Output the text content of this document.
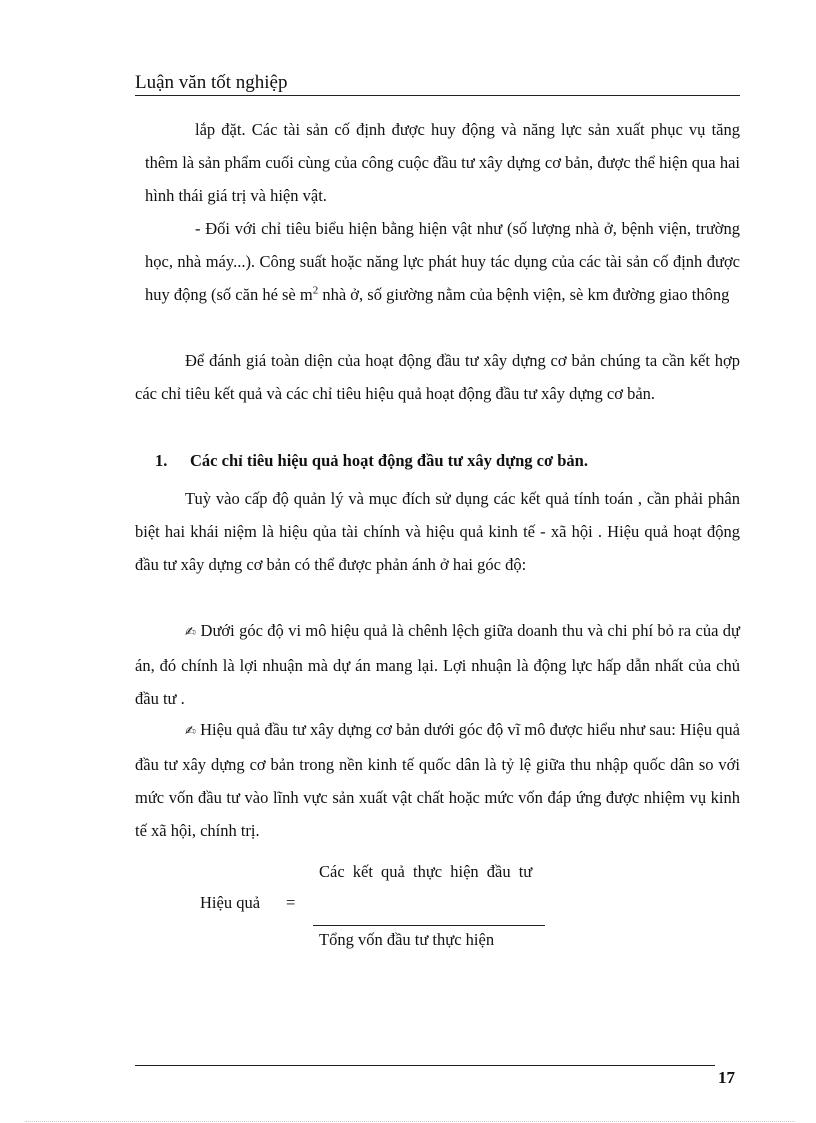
Luận văn tốt nghiệp

lắp đặt. Các tài sản cố định được huy động và năng lực sản xuất phục vụ tăng thêm là sản phẩm cuối cùng của công cuộc đầu tư xây dựng cơ bản, được thể hiện qua hai hình thái giá trị và hiện vật.

- Đối với chỉ tiêu biểu hiện bằng hiện vật như (số lượng nhà ở, bệnh viện, trường học, nhà máy...). Công suất hoặc năng lực phát huy tác dụng của các tài sản cố định được huy động (số căn hé sè $m^2$ nhà ở, số giường nằm của bệnh viện, sè km đường giao thông

Để đánh giá toàn diện của hoạt động đầu tư xây dựng cơ bản chúng ta cần kết hợp các chỉ tiêu kết quả và các chỉ tiêu hiệu quả hoạt động đầu tư xây dựng cơ bản.

1. Các chỉ tiêu hiệu quả hoạt động đầu tư xây dựng cơ bản.

Tuỳ vào cấp độ quản lý và mục đích sử dụng các kết quả tính toán , cần phải phân biệt hai khái niệm là hiệu qủa tài chính và hiệu quả kinh tế - xã hội . Hiệu quả hoạt động đầu tư xây dựng cơ bản có thể được phản ánh ở hai góc độ:

✍ Dưới góc độ vi mô hiệu quả là chênh lệch giữa doanh thu và chi phí bỏ ra của dự án, đó chính là lợi nhuận mà dự án mang lại. Lợi nhuận là động lực hấp dẫn nhất của chủ đầu tư .

✍ Hiệu quả đầu tư xây dựng cơ bản dưới góc độ vĩ mô được hiểu như sau: Hiệu quả đầu tư xây dựng cơ bản trong nền kinh tế quốc dân là tỷ lệ giữa thu nhập quốc dân so với mức vốn đầu tư vào lĩnh vực sản xuất vật chất hoặc mức vốn đáp ứng được nhiệm vụ kinh tế xã hội, chính trị.

Hiệu quả =
Các kết quả thực hiện đầu tư
Tổng vốn đầu tư thực hiện
17
